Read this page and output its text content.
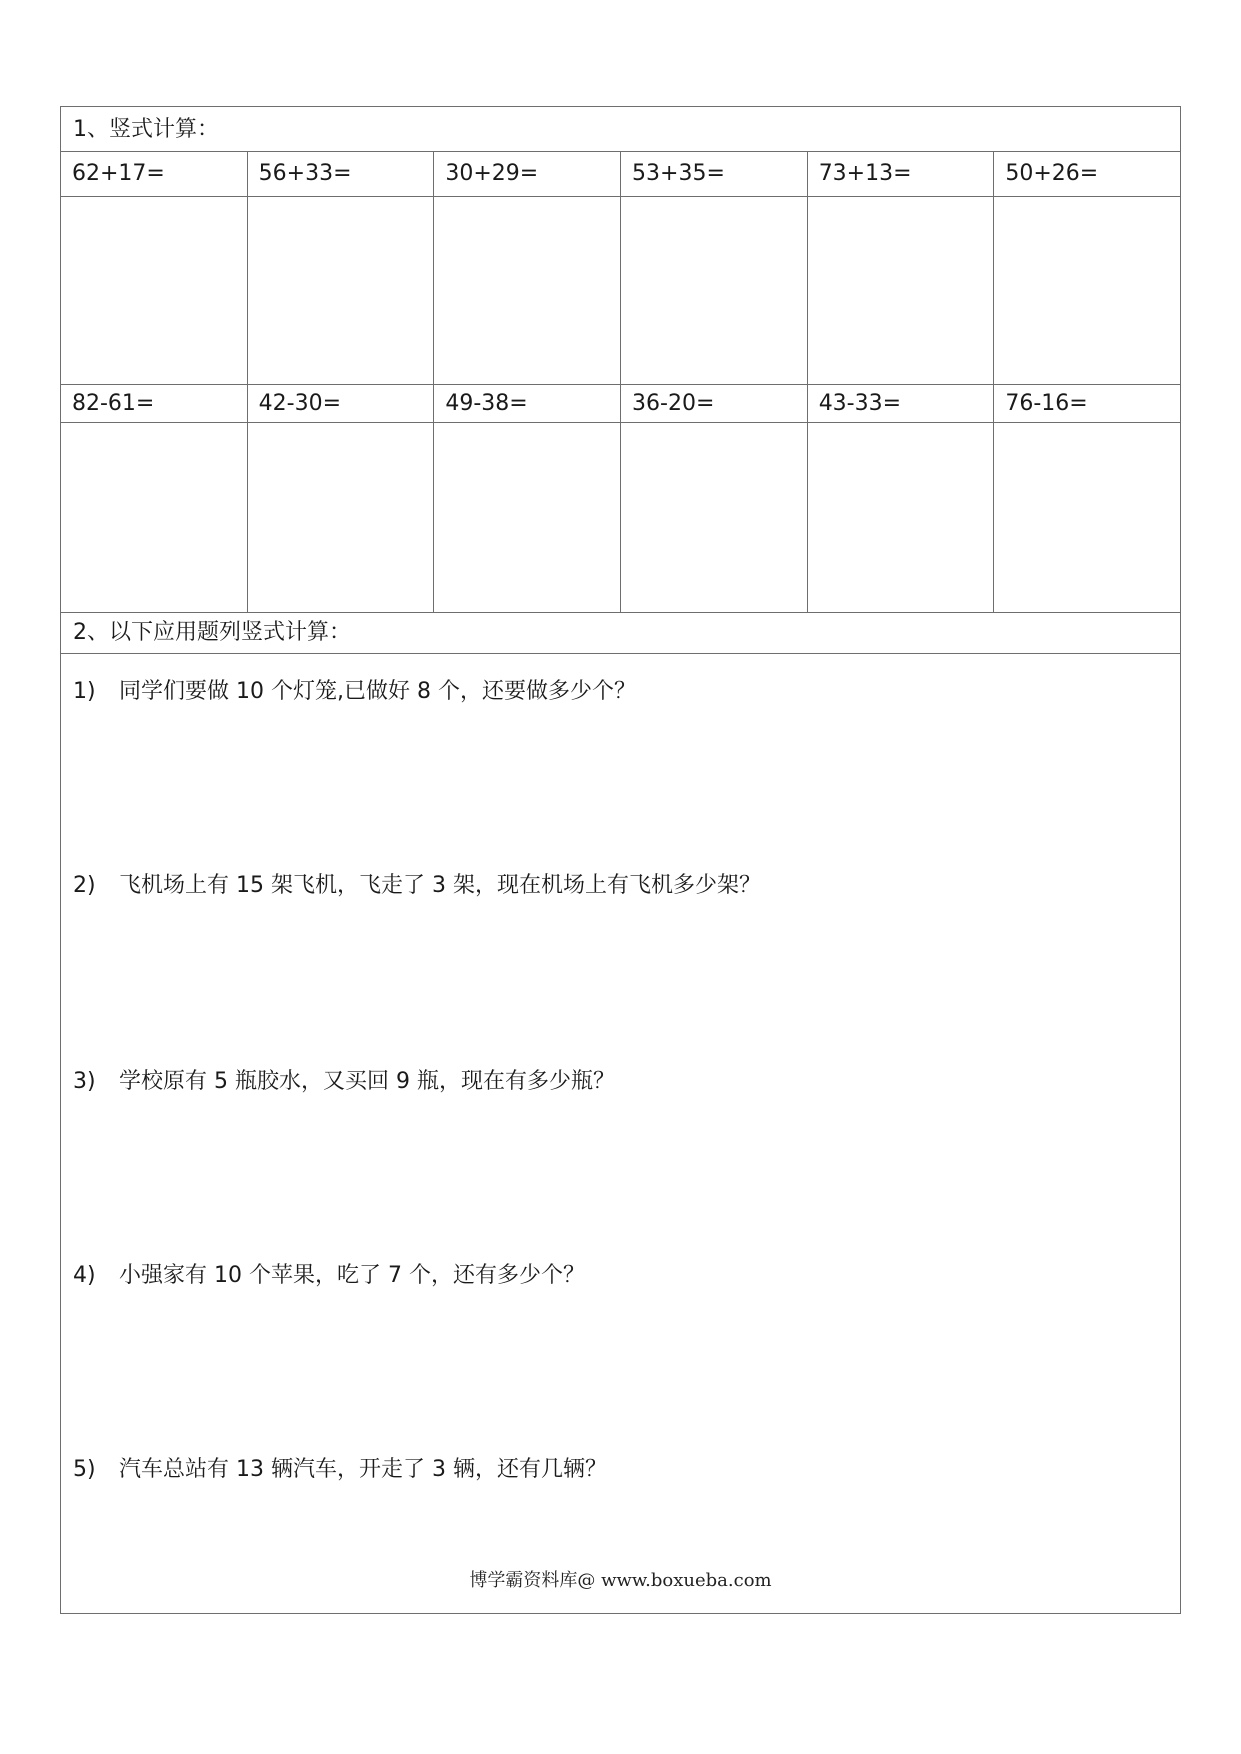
1、竖式计算：
62+17=	56+33=	30+29=	53+35=	73+13=	50+26=
82-61=	42-30=	49-38=	36-20=	43-33=	76-16=
2、以下应用题列竖式计算：
1) 同学们要做 10 个灯笼,已做好 8 个，还要做多少个？
2) 飞机场上有 15 架飞机，飞走了 3 架，现在机场上有飞机多少架？
3) 学校原有 5 瓶胶水，又买回 9 瓶，现在有多少瓶？
4) 小强家有 10 个苹果，吃了 7 个，还有多少个？
5) 汽车总站有 13 辆汽车，开走了 3 辆，还有几辆？
博学霸资料库@ www.boxueba.com
